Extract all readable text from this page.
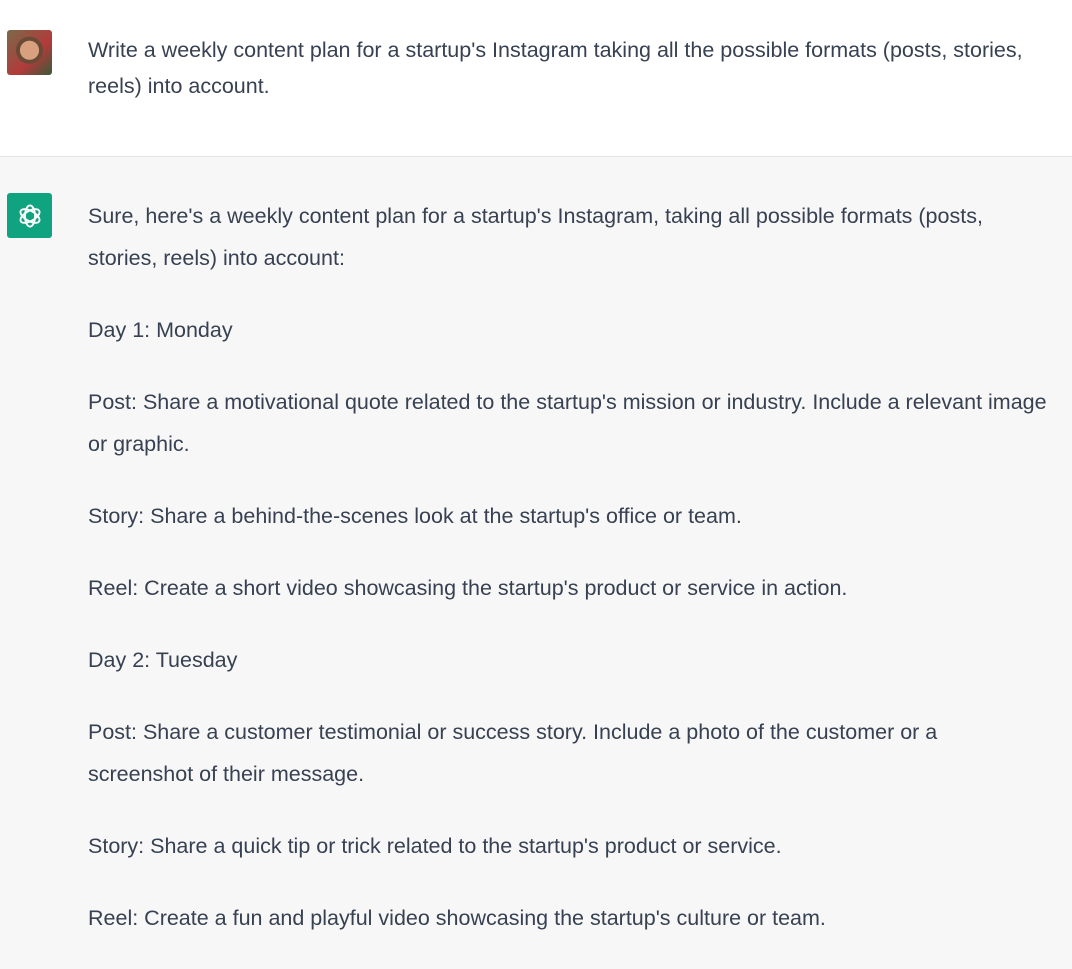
Write a weekly content plan for a startup's Instagram taking all the possible formats (posts, stories, reels) into account.

Sure, here's a weekly content plan for a startup's Instagram, taking all possible formats (posts, stories, reels) into account:

Day 1: Monday

Post: Share a motivational quote related to the startup's mission or industry. Include a relevant image or graphic.

Story: Share a behind-the-scenes look at the startup's office or team.

Reel: Create a short video showcasing the startup's product or service in action.

Day 2: Tuesday

Post: Share a customer testimonial or success story. Include a photo of the customer or a screenshot of their message.

Story: Share a quick tip or trick related to the startup's product or service.

Reel: Create a fun and playful video showcasing the startup's culture or team.
